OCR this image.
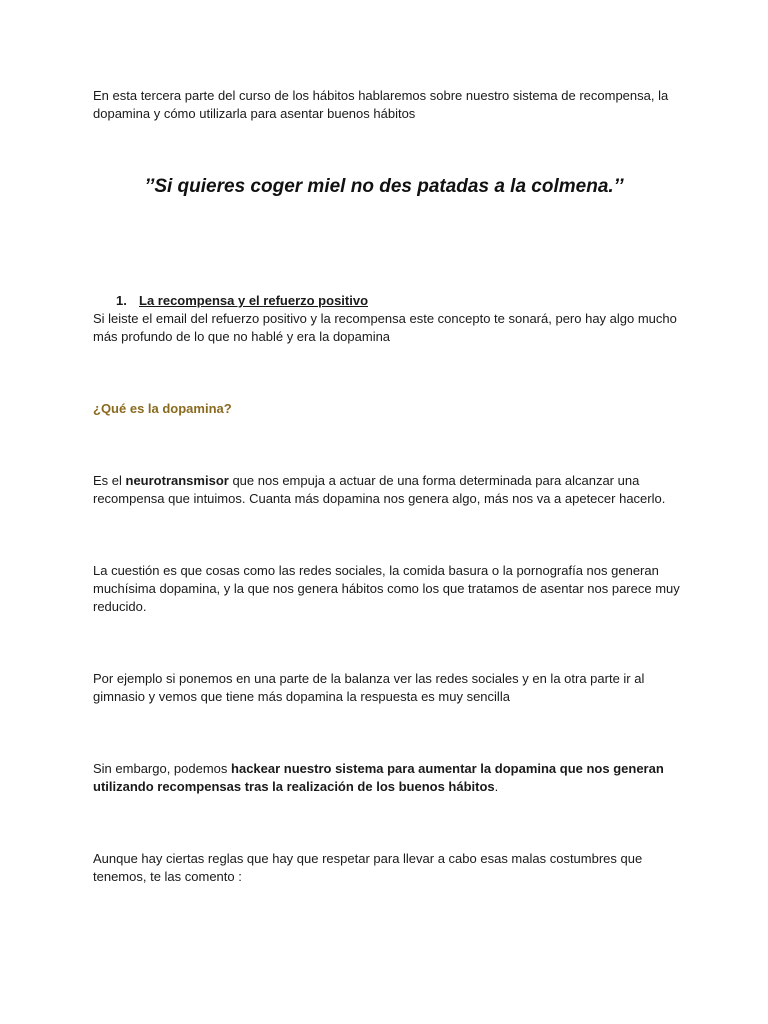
En esta tercera parte del curso de los hábitos hablaremos sobre nuestro sistema de recompensa, la dopamina y cómo utilizarla para asentar buenos hábitos

’’Si quieres coger miel no des patadas a la colmena.’’

1. La recompensa y el refuerzo positivo

Si leiste el email del refuerzo positivo y la recompensa este concepto te sonará, pero hay algo mucho más profundo de lo que no hablé y era la dopamina

¿Qué es la dopamina?

Es el neurotransmisor que nos empuja a actuar de una forma determinada para alcanzar una recompensa que intuimos. Cuanta más dopamina nos genera algo, más nos va a apetecer hacerlo.

La cuestión es que cosas como las redes sociales, la comida basura o la pornografía nos generan muchísima dopamina, y la que nos genera hábitos como los que tratamos de asentar nos parece muy reducido.

Por ejemplo si ponemos en una parte de la balanza ver las redes sociales y en la otra parte ir al gimnasio y vemos que tiene más dopamina la respuesta es muy sencilla

Sin embargo, podemos hackear nuestro sistema para aumentar la dopamina que nos generan utilizando recompensas tras la realización de los buenos hábitos.

Aunque hay ciertas reglas que hay que respetar para llevar a cabo esas malas costumbres que tenemos, te las comento :
